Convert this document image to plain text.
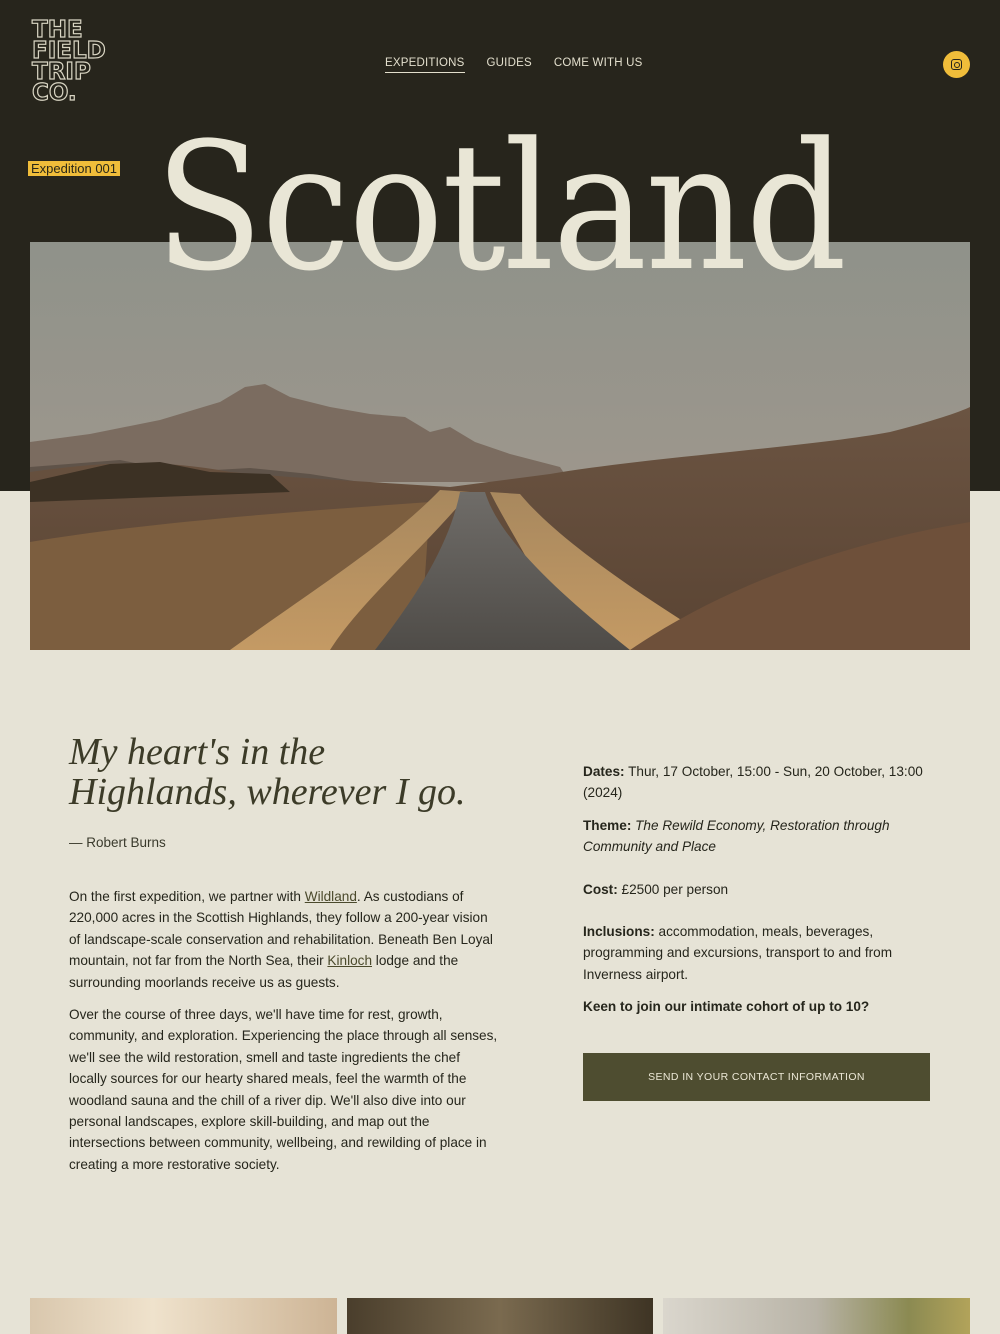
THE
FIELD
TRIP
CO.
EXPEDITIONS GUIDES COME WITH US
Expedition 001 Scotland
My heart's in the Highlands, wherever I go.
— Robert Burns

On the first expedition, we partner with Wildland. As custodians of 220,000 acres in the Scottish Highlands, they follow a 200-year vision of landscape-scale conservation and rehabilitation. Beneath Ben Loyal mountain, not far from the North Sea, their Kinloch lodge and the surrounding moorlands receive us as guests.

Over the course of three days, we'll have time for rest, growth, community, and exploration. Experiencing the place through all senses, we'll see the wild restoration, smell and taste ingredients the chef locally sources for our hearty shared meals, feel the warmth of the woodland sauna and the chill of a river dip. We'll also dive into our personal landscapes, explore skill-building, and map out the intersections between community, wellbeing, and rewilding of place in creating a more restorative society.

Dates: Thur, 17 October, 15:00 - Sun, 20 October, 13:00 (2024)
Theme: The Rewild Economy, Restoration through Community and Place
Cost: £2500 per person
Inclusions: accommodation, meals, beverages, programming and excursions, transport to and from Inverness airport.
Keen to join our intimate cohort of up to 10?
SEND IN YOUR CONTACT INFORMATION
